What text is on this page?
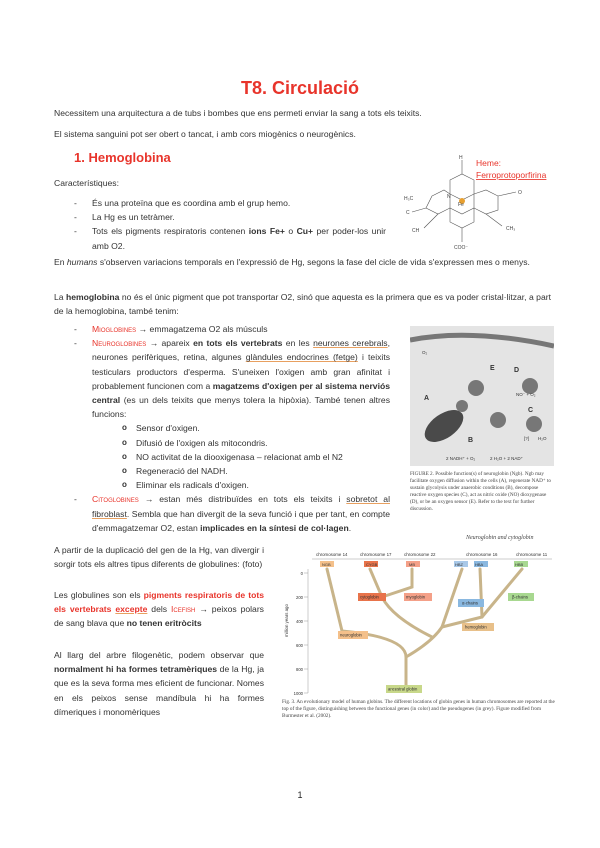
T8. Circulació
Necessitem una arquitectura a de tubs i bombes que ens permeti enviar la sang a tots els teixits.
El sistema sanguini pot ser obert o tancat, i amb cors miogènics o neurogènics.
1. Hemoglobina
Característiques:
- És una proteïna que es coordina amb el grup hemo.
- La Hg es un tetràmer.
- Tots els pigments respiratoris contenen ions Fe+ o Cu+ per poder-los unir amb O2.
H
O
N
Fe
C
H₃C
CH₃
CH
COO⁻
Heme:
Ferroprotoporfirina
En humans s'observen variacions temporals en l'expressió de Hg, segons la fase del cicle de vida s'expressen mes o menys.
La hemoglobina no és el únic pigment que pot transportar O2, sinó que aquesta es la primera que es va poder cristal·litzar, a part de la hemoglobina, també tenim:
- Mioglobines → emmagatzema O2 als músculs
- Neuroglobines → apareix en tots els vertebrats en les neurones cerebrals, neurones perifèriques, retina, algunes glàndules endocrines (fetge) i teixits testiculars productors d'esperma. S'uneixen l'oxigen amb gran afinitat i probablement funcionen com a magatzems d'oxigen per al sistema nerviós central (es un dels teixits que menys tolera la hipòxia). També tenen altres funcions:
o Sensor d'oxigen.
o Difusió de l'oxigen als mitocondris.
o NO activitat de la diooxigenasa – relacionat amb el N2
o Regeneració del NADH.
o Eliminar els radicals d'oxigen.
- Citoglobines → estan més distribuïdes en tots els teixits i sobretot al fibroblast. Sembla que han divergit de la seva funció i que per tant, en compte d'emmagatzemar O2, estan implicades en la síntesi de col·lagen.
A
B
C
D
E
O₂
NO⁻ + O₂
2 NADH⁺ + O₂	2 H₂O + 2 NAD⁺
[?] H₂O
FIGURE 2. Possible function(s) of neuroglobin (Ngb). Ngb may facilitate oxygen diffusion within the cells (A), regenerate NAD⁺ to sustain glycolysis under anaerobic conditions (B), decompose reactive oxygen species (C), act as nitric oxide (NO) dioxygenase (D), or be an oxygen sensor (E). Refer to the text for further discussion.
A partir de la duplicació del gen de la Hg, van divergir i sorgir tots els altres tipus diferents de globulines: (foto)
Les globulines son els pigments respiratoris de tots els vertebrats excepte dels Icefish → peixos polars de sang blava que no tenen eritròcits
Al llarg del arbre filogenètic, podem observar que normalment hi ha formes tetramèriques de la Hg, ja que es la seva forma mes eficient de funcionar. Nomes en els peixos sense mandíbula hi ha formes dímeriques i monomèriques
Neuroglobin and cytoglobin
chromosome 14	chromosome 17	chromosome 22	chromosome 16	chromosome 11
NGB	CYGB	MB	HBZ	HBA	HBB
0
200
400
600
800
1000
million years ago
cytoglobin	myoglobin
α-chains
β-chains
neuroglobin
hemoglobin
ancestral globin
Fig. 3. An evolutionary model of human globins. The different locations of globin genes in human chromosomes are reported at the top of the figure, distinguishing between the functional genes (in color) and the pseudogenes (in grey). Figure modified from Burmester et al. (2002).
1
